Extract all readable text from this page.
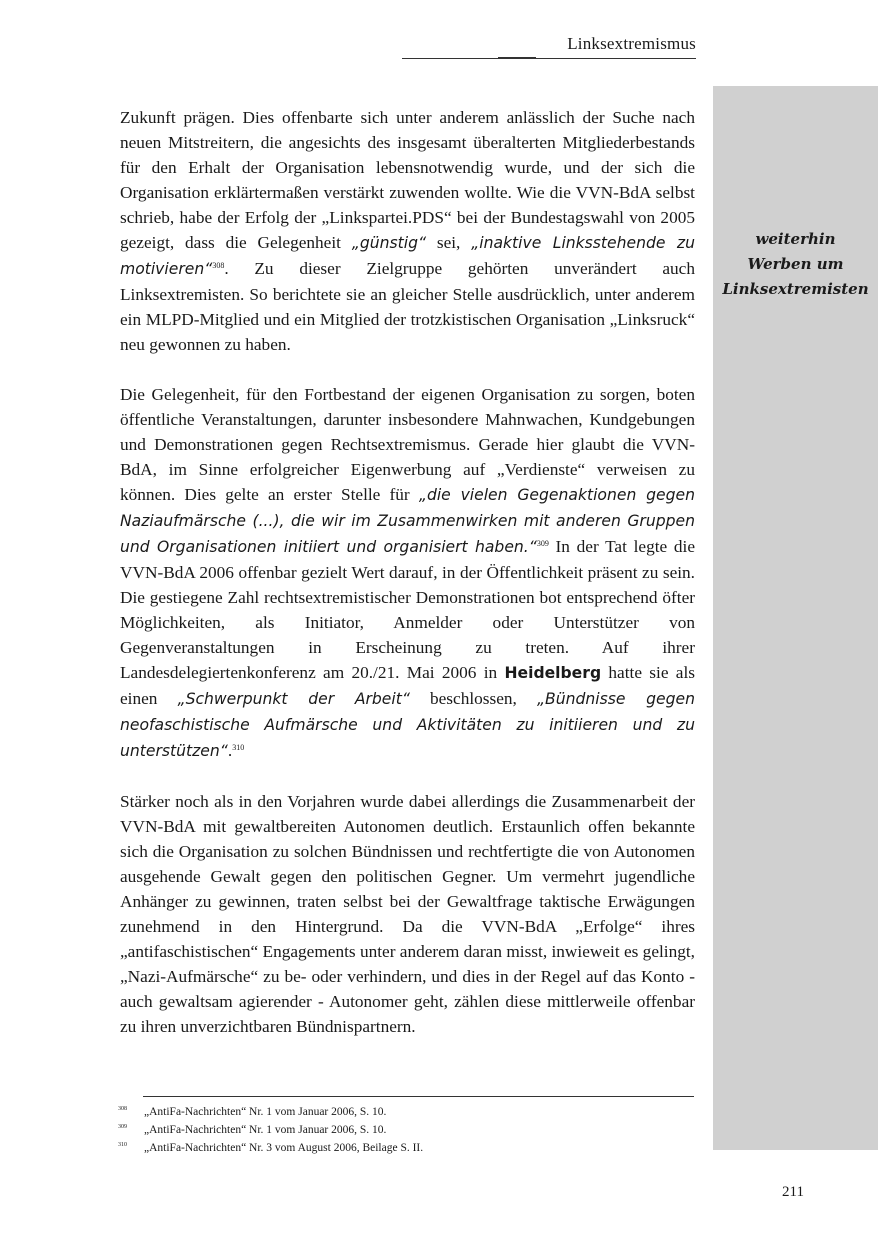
Linksextremismus
weiterhin
Werben um
Linksextremisten

Zukunft prägen. Dies offenbarte sich unter anderem anlässlich der Suche nach neuen Mitstreitern, die angesichts des insgesamt überalterten Mitgliederbestands für den Erhalt der Organisation lebensnotwendig wurde, und der sich die Organisation erklärtermaßen verstärkt zuwenden wollte. Wie die VVN-BdA selbst schrieb, habe der Erfolg der „Linkspartei.PDS“ bei der Bundestagswahl von 2005 gezeigt, dass die Gelegenheit „günstig“ sei, „inaktive Linksstehende zu motivieren“$^{308}$. Zu dieser Zielgruppe gehörten unverändert auch Linksextremisten. So berichtete sie an gleicher Stelle ausdrücklich, unter anderem ein MLPD-Mitglied und ein Mitglied der trotzkistischen Organisation „Linksruck“ neu gewonnen zu haben.

Die Gelegenheit, für den Fortbestand der eigenen Organisation zu sorgen, boten öffentliche Veranstaltungen, darunter insbesondere Mahnwachen, Kundgebungen und Demonstrationen gegen Rechtsextremismus. Gerade hier glaubt die VVN-BdA, im Sinne erfolgreicher Eigenwerbung auf „Verdienste“ verweisen zu können. Dies gelte an erster Stelle für „die vielen Gegenaktionen gegen Naziaufmärsche (...), die wir im Zusammenwirken mit anderen Gruppen und Organisationen initiiert und organisiert haben.“$^{309}$ In der Tat legte die VVN-BdA 2006 offenbar gezielt Wert darauf, in der Öffentlichkeit präsent zu sein. Die gestiegene Zahl rechtsextremistischer Demonstrationen bot entsprechend öfter Möglichkeiten, als Initiator, Anmelder oder Unterstützer von Gegenveranstaltungen in Erscheinung zu treten. Auf ihrer Landesdelegiertenkonferenz am 20./21. Mai 2006 in Heidelberg hatte sie als einen „Schwerpunkt der Arbeit“ beschlossen, „Bündnisse gegen neofaschistische Aufmärsche und Aktivitäten zu initiieren und zu unterstützen“.$^{310}$

Stärker noch als in den Vorjahren wurde dabei allerdings die Zusammenarbeit der VVN-BdA mit gewaltbereiten Autonomen deutlich. Erstaunlich offen bekannte sich die Organisation zu solchen Bündnissen und rechtfertigte die von Autonomen ausgehende Gewalt gegen den politischen Gegner. Um vermehrt jugendliche Anhänger zu gewinnen, traten selbst bei der Gewaltfrage taktische Erwägungen zunehmend in den Hintergrund. Da die VVN-BdA „Erfolge“ ihres „antifaschistischen“ Engagements unter anderem daran misst, inwieweit es gelingt, „Nazi-Aufmärsche“ zu be- oder verhindern, und dies in der Regel auf das Konto - auch gewaltsam agierender - Autonomer geht, zählen diese mittlerweile offenbar zu ihren unverzichtbaren Bündnispartnern.

308 „AntiFa-Nachrichten“ Nr. 1 vom Januar 2006, S. 10.
309 „AntiFa-Nachrichten“ Nr. 1 vom Januar 2006, S. 10.
310 „AntiFa-Nachrichten“ Nr. 3 vom August 2006, Beilage S. II.
211
